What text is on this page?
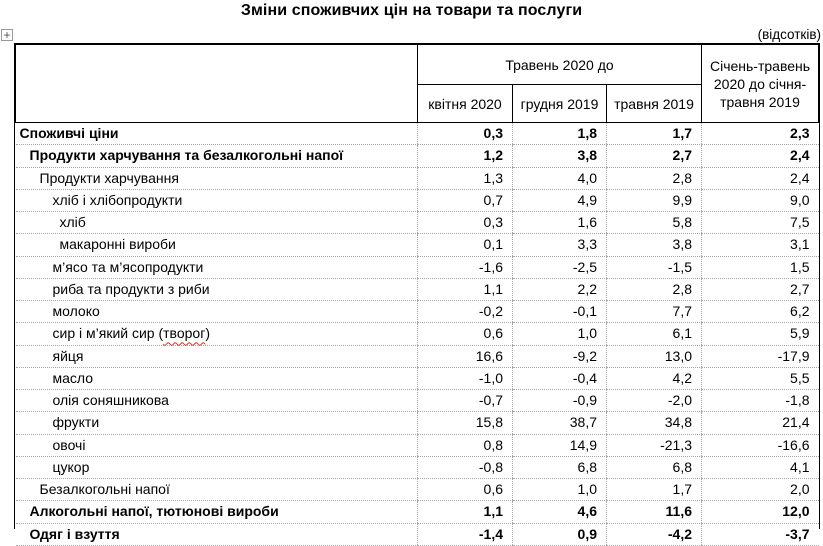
Зміни споживчих цін на товари та послуги
+	(відсотків)
	Травень 2020 до			Січень-травень 2020 до січня-травня 2019
	квітня 2020	грудня 2019	травня 2019	
Споживчі ціни	0,3	1,8	1,7	2,3
Продукти харчування та безалкогольні напої	1,2	3,8	2,7	2,4
Продукти харчування	1,3	4,0	2,8	2,4
хліб і хлібопродукти	0,7	4,9	9,9	9,0
хліб	0,3	1,6	5,8	7,5
макаронні вироби	0,1	3,3	3,8	3,1
м’ясо та м’ясопродукти	-1,6	-2,5	-1,5	1,5
риба та продукти з риби	1,1	2,2	2,8	2,7
молоко	-0,2	-0,1	7,7	6,2
сир і м’який сир (творог)	0,6	1,0	6,1	5,9
яйця	16,6	-9,2	13,0	-17,9
масло	-1,0	-0,4	4,2	5,5
олія соняшникова	-0,7	-0,9	-2,0	-1,8
фрукти	15,8	38,7	34,8	21,4
овочі	0,8	14,9	-21,3	-16,6
цукор	-0,8	6,8	6,8	4,1
Безалкогольні напої	0,6	1,0	1,7	2,0
Алкогольні напої, тютюнові вироби	1,1	4,6	11,6	12,0
Одяг і взуття	-1,4	0,9	-4,2	-3,7
